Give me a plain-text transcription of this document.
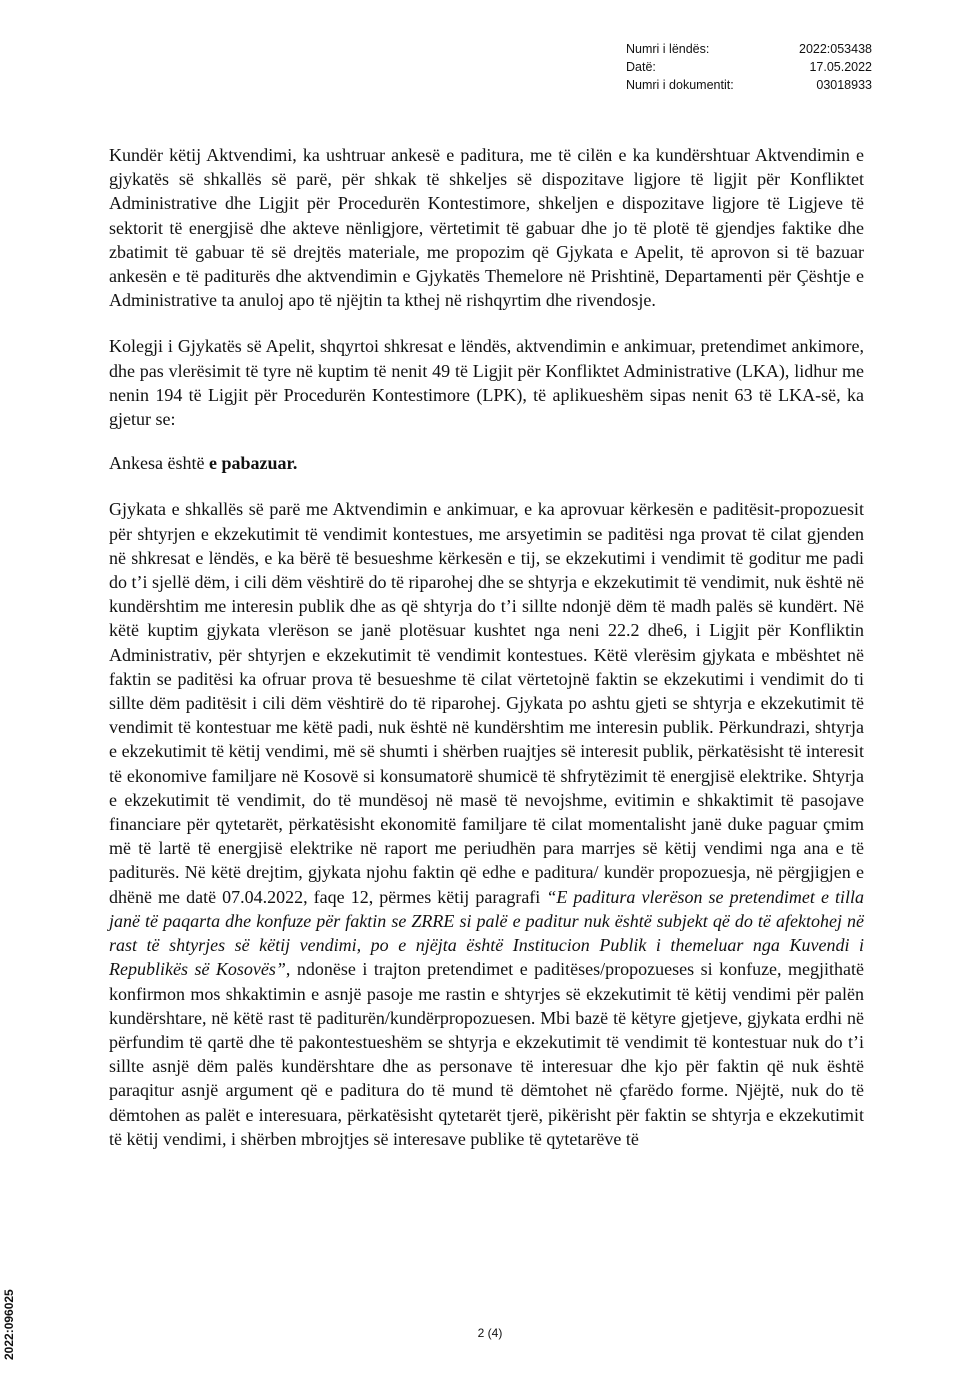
Numri i lëndës:	2022:053438
Datë:	17.05.2022
Numri i dokumentit:	03018933

Kundër këtij Aktvendimi, ka ushtruar ankesë e paditura, me të cilën e ka kundërshtuar Aktvendimin e gjykatës së shkallës së parë, për shkak të shkeljes së dispozitave ligjore të ligjit për Konfliktet Administrative dhe Ligjit për Procedurën Kontestimore, shkeljen e dispozitave ligjore të Ligjeve të sektorit të energjisë dhe akteve nënligjore, vërtetimit të gabuar dhe jo të plotë të gjendjes faktike dhe zbatimit të gabuar të së drejtës materiale, me propozim që Gjykata e Apelit, të aprovon si të bazuar ankesën e të paditurës dhe aktvendimin e Gjykatës Themelore në Prishtinë, Departamenti për Çështje e Administrative ta anuloj apo të njëjtin ta kthej në rishqyrtim dhe rivendosje.

Kolegji i Gjykatës së Apelit, shqyrtoi shkresat e lëndës, aktvendimin e ankimuar, pretendimet ankimore, dhe pas vlerësimit të tyre në kuptim të nenit 49 të Ligjit për Konfliktet Administrative (LKA), lidhur me nenin 194 të Ligjit për Procedurën Kontestimore (LPK), të aplikueshëm sipas nenit 63 të LKA-së, ka gjetur se:

Ankesa është e pabazuar.

Gjykata e shkallës së parë me Aktvendimin e ankimuar, e ka aprovuar kërkesën e paditësit-propozuesit për shtyrjen e ekzekutimit të vendimit kontestues, me arsyetimin se paditësi nga provat të cilat gjenden në shkresat e lëndës, e ka bërë të besueshme kërkesën e tij, se ekzekutimi i vendimit të goditur me padi do t’i sjellë dëm, i cili dëm vështirë do të riparohej dhe se shtyrja e ekzekutimit të vendimit, nuk është në kundërshtim me interesin publik dhe as që shtyrja do t’i sillte ndonjë dëm të madh palës së kundërt. Në këtë kuptim gjykata vlerëson se janë plotësuar kushtet nga neni 22.2 dhe6, i Ligjit për Konfliktin Administrativ, për shtyrjen e ekzekutimit të vendimit kontestues. Këtë vlerësim gjykata e mbështet në faktin se paditësi ka ofruar prova të besueshme të cilat vërtetojnë faktin se ekzekutimi i vendimit do ti sillte dëm paditësit i cili dëm vështirë do të riparohej. Gjykata po ashtu gjeti se shtyrja e ekzekutimit të vendimit të kontestuar me këtë padi, nuk është në kundërshtim me interesin publik. Përkundrazi, shtyrja e ekzekutimit të këtij vendimi, më së shumti i shërben ruajtjes së interesit publik, përkatësisht të interesit të ekonomive familjare në Kosovë si konsumatorë shumicë të shfrytëzimit të energjisë elektrike. Shtyrja e ekzekutimit të vendimit, do të mundësoj në masë të nevojshme, evitimin e shkaktimit të pasojave financiare për qytetarët, përkatësisht ekonomitë familjare të cilat momentalisht janë duke paguar çmim më të lartë të energjisë elektrike në raport me periudhën para marrjes së këtij vendimi nga ana e të paditurës. Në këtë drejtim, gjykata njohu faktin që edhe e paditura/ kundër propozuesja, në përgjigjen e dhënë me datë 07.04.2022, faqe 12, përmes këtij paragrafi “E paditura vlerëson se pretendimet e tilla janë të paqarta dhe konfuze për faktin se ZRRE si palë e paditur nuk është subjekt që do të afektohej në rast të shtyrjes së këtij vendimi, po e njëjta është Institucion Publik i themeluar nga Kuvendi i Republikës së Kosovës”, ndonëse i trajton pretendimet e paditëses/propozueses si konfuze, megjithatë konfirmon mos shkaktimin e asnjë pasoje me rastin e shtyrjes së ekzekutimit të këtij vendimi për palën kundërshtare, në këtë rast të paditurën/kundërpropozuesen. Mbi bazë të këtyre gjetjeve, gjykata erdhi në përfundim të qartë dhe të pakontestueshëm se shtyrja e ekzekutimit të vendimit të kontestuar nuk do t’i sillte asnjë dëm palës kundërshtare dhe as personave të interesuar dhe kjo për faktin që nuk është paraqitur asnjë argument që e paditura do të mund të dëmtohet në çfarëdo forme. Njëjtë, nuk do të dëmtohen as palët e interesuara, përkatësisht qytetarët tjerë, pikërisht për faktin se shtyrja e ekzekutimit të këtij vendimi, i shërben mbrojtjes së interesave publike të qytetarëve të

2 (4)
2022:096025
